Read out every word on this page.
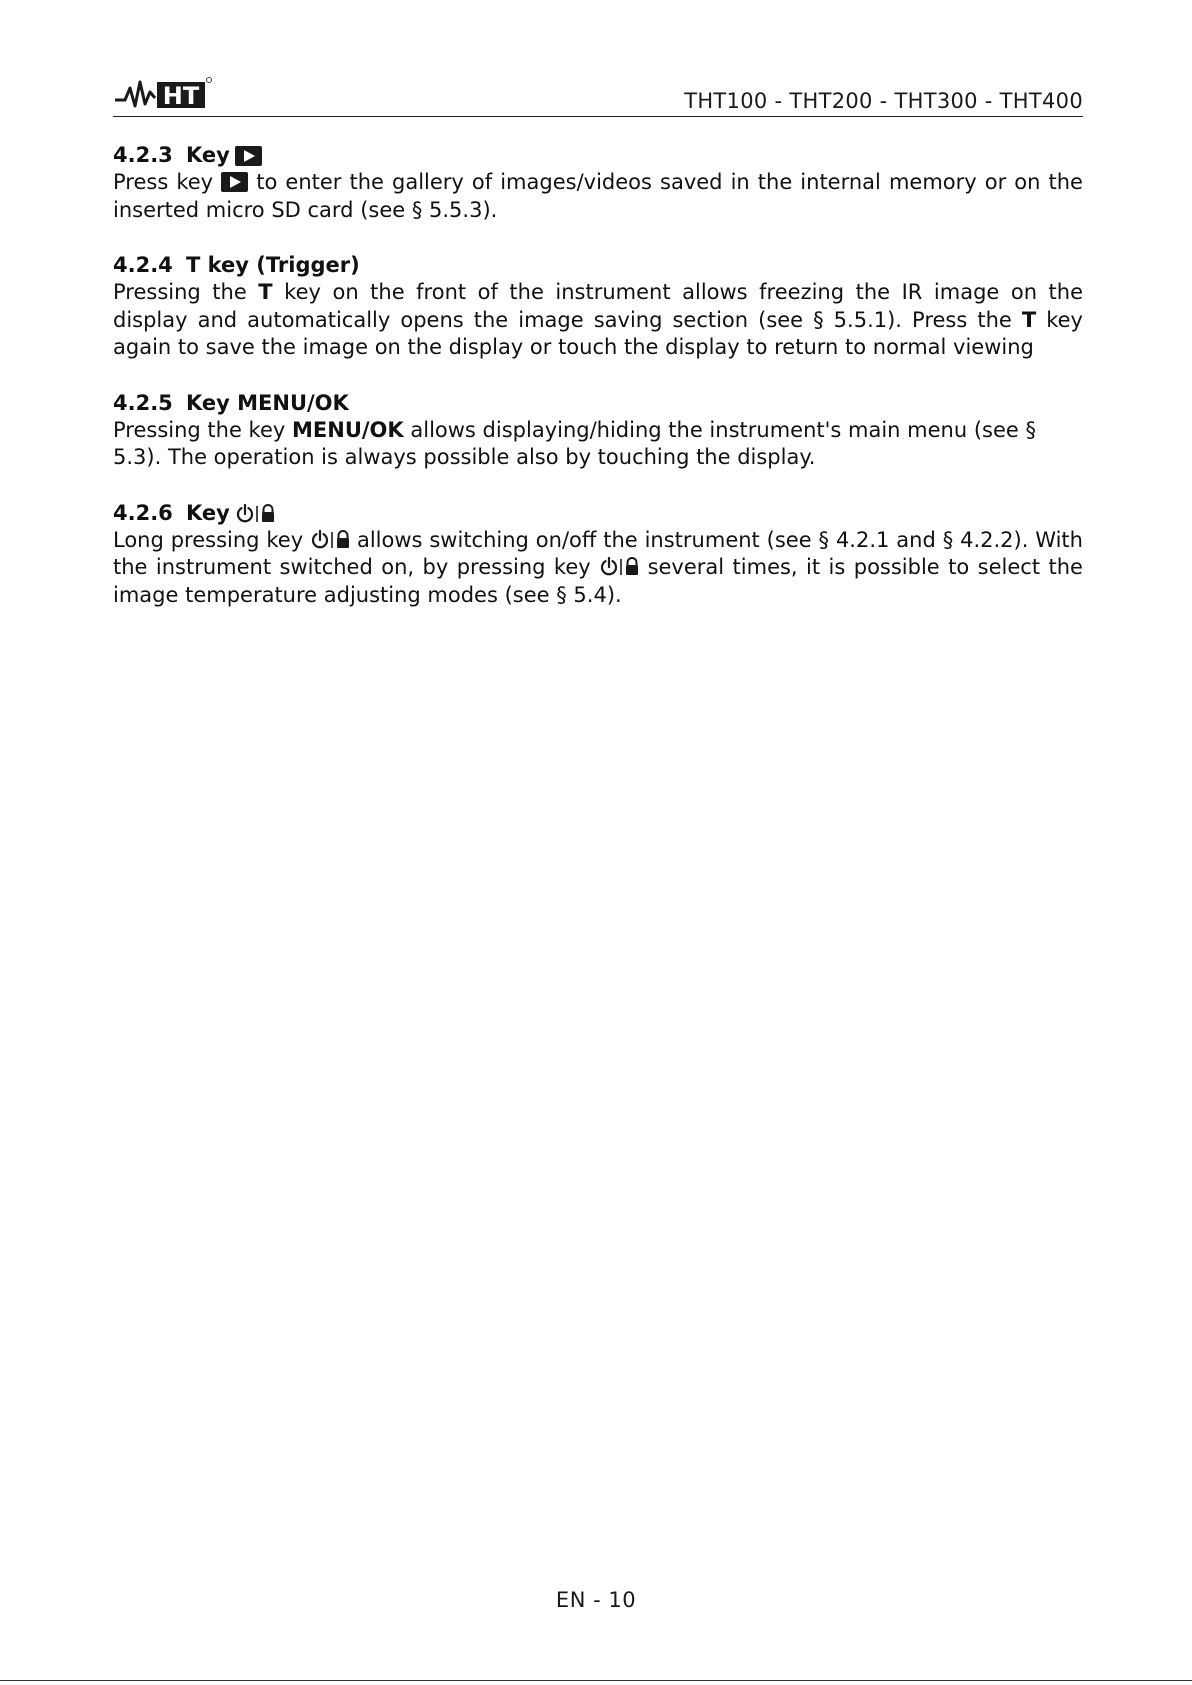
HT	THT100 - THT200 - THT300 - THT400
4.2.3 Key
Press key to enter the gallery of images/videos saved in the internal memory or on the inserted micro SD card (see § 5.5.3).
4.2.4 T key (Trigger)
Pressing the T key on the front of the instrument allows freezing the IR image on the display and automatically opens the image saving section (see § 5.5.1). Press the T key again to save the image on the display or touch the display to return to normal viewing
4.2.5 Key MENU/OK
Pressing the key MENU/OK allows displaying/hiding the instrument's main menu (see § 5.3). The operation is always possible also by touching the display.
4.2.6 Key
Long pressing key	allows switching on/off the instrument (see § 4.2.1 and § 4.2.2). With the instrument switched on, by pressing key	several times, it is possible to select the image temperature adjusting modes (see § 5.4).
EN - 10
